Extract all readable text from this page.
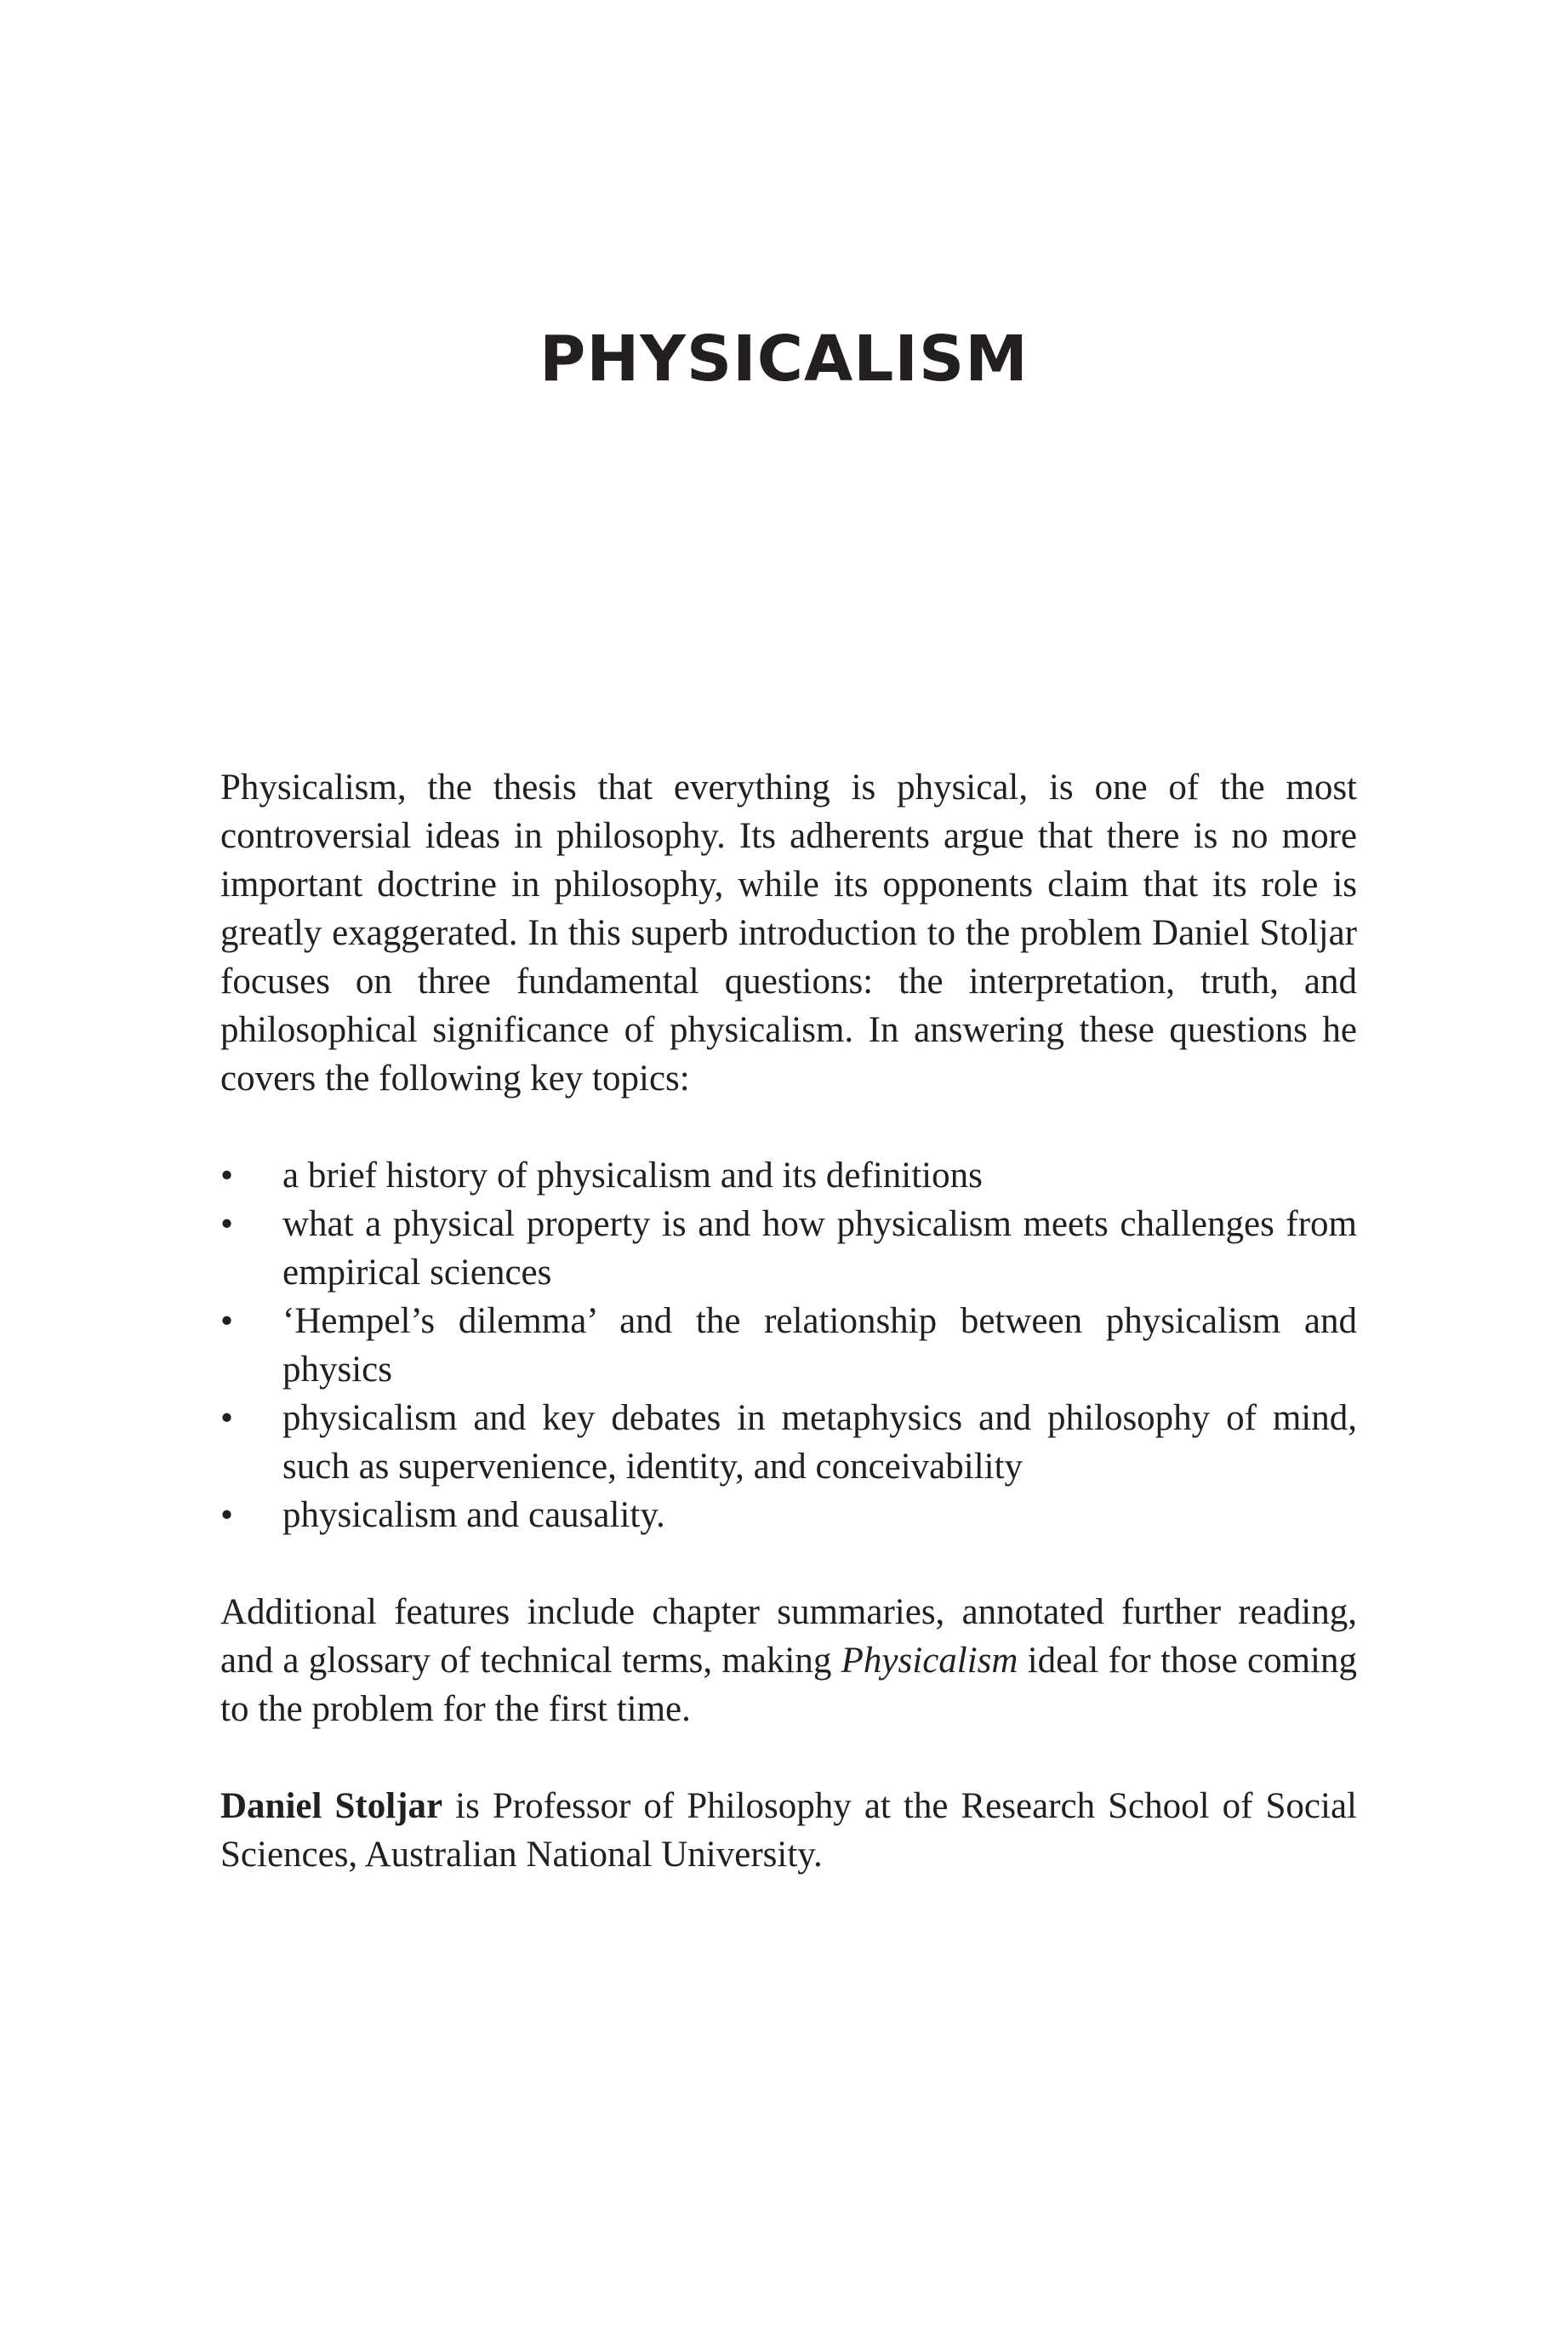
PHYSICALISM

Physicalism, the thesis that everything is physical, is one of the most controversial ideas in philosophy. Its adherents argue that there is no more important doctrine in philosophy, while its opponents claim that its role is greatly exaggerated. In this superb introduction to the problem Daniel Stoljar focuses on three fundamental questions: the interpretation, truth, and philosophical significance of physicalism. In answering these questions he covers the following key topics:

• a brief history of physicalism and its definitions
• what a physical property is and how physicalism meets challenges from empirical sciences
• ‘Hempel’s dilemma’ and the relationship between physicalism and physics
• physicalism and key debates in metaphysics and philosophy of mind, such as supervenience, identity, and conceivability
• physicalism and causality.

Additional features include chapter summaries, annotated further reading, and a glossary of technical terms, making Physicalism ideal for those coming to the problem for the first time.

Daniel Stoljar is Professor of Philosophy at the Research School of Social Sciences, Australian National University.
